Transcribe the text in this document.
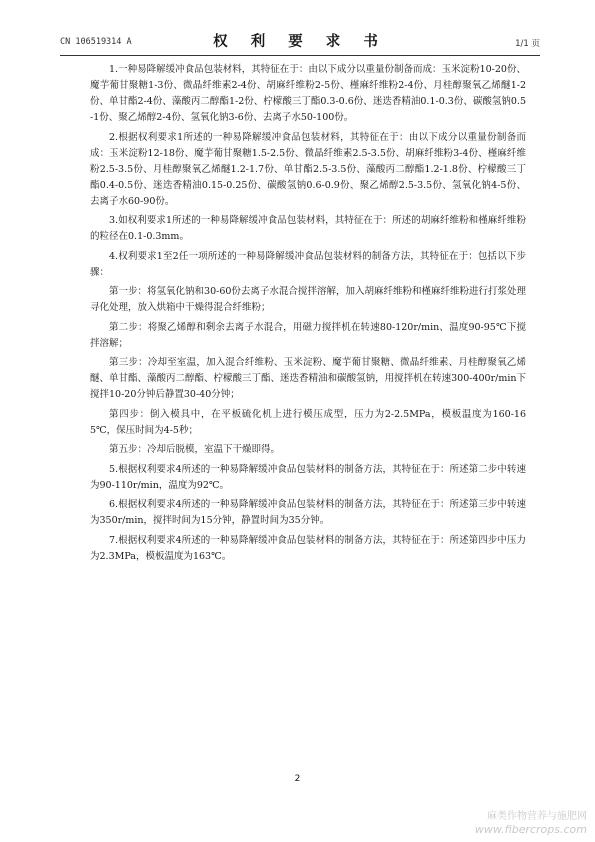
CN 106519314 A	权 利 要 求 书	1/1 页

1.一种易降解缓冲食品包装材料，其特征在于：由以下成分以重量份制备而成：玉米淀粉10-20份、魔芋葡甘聚糖1-3份、微晶纤维素2-4份、胡麻纤维粉2-5份、槿麻纤维粉2-4份、月桂醇聚氧乙烯醚1-2份、单甘酯2-4份、藻酸丙二醇酯1-2份、柠檬酸三丁酯0.3-0.6份、迷迭香精油0.1-0.3份、碳酸氢钠0.5-1份、聚乙烯醇2-4份、氢氧化钠3-6份、去离子水50-100份。

2.根据权利要求1所述的一种易降解缓冲食品包装材料，其特征在于：由以下成分以重量份制备而成：玉米淀粉12-18份、魔芋葡甘聚糖1.5-2.5份、微晶纤维素2.5-3.5份、胡麻纤维粉3-4份、槿麻纤维粉2.5-3.5份、月桂醇聚氧乙烯醚1.2-1.7份、单甘酯2.5-3.5份、藻酸丙二醇酯1.2-1.8份、柠檬酸三丁酯0.4-0.5份、迷迭香精油0.15-0.25份、碳酸氢钠0.6-0.9份、聚乙烯醇2.5-3.5份、氢氧化钠4-5份、去离子水60-90份。

3.如权利要求1所述的一种易降解缓冲食品包装材料，其特征在于：所述的胡麻纤维粉和槿麻纤维粉的粒径在0.1-0.3mm。

4.权利要求1至2任一项所述的一种易降解缓冲食品包装材料的制备方法，其特征在于：包括以下步骤：

第一步：将氢氧化钠和30-60份去离子水混合搅拌溶解，加入胡麻纤维粉和槿麻纤维粉进行打浆处理寻化处理，放入烘箱中干燥得混合纤维粉；

第二步：将聚乙烯醇和剩余去离子水混合，用磁力搅拌机在转速80-120r/min、温度90-95℃下搅拌溶解；

第三步：冷却至室温，加入混合纤维粉、玉米淀粉、魔芋葡甘聚糖、微晶纤维素、月桂醇聚氧乙烯醚、单甘酯、藻酸丙二醇酯、柠檬酸三丁酯、迷迭香精油和碳酸氢钠，用搅拌机在转速300-400r/min下搅拌10-20分钟后静置30-40分钟；

第四步：倒入模具中，在平板硫化机上进行模压成型，压力为2-2.5MPa，模板温度为160-165℃，保压时间为4-5秒；

第五步：冷却后脱模，室温下干燥即得。

5.根据权利要求4所述的一种易降解缓冲食品包装材料的制备方法，其特征在于：所述第二步中转速为90-110r/min，温度为92℃。

6.根据权利要求4所述的一种易降解缓冲食品包装材料的制备方法，其特征在于：所述第三步中转速为350r/min，搅拌时间为15分钟，静置时间为35分钟。

7.根据权利要求4所述的一种易降解缓冲食品包装材料的制备方法，其特征在于：所述第四步中压力为2.3MPa，模板温度为163℃。

2
麻类作物营养与施肥网
www.fibercrops.com
